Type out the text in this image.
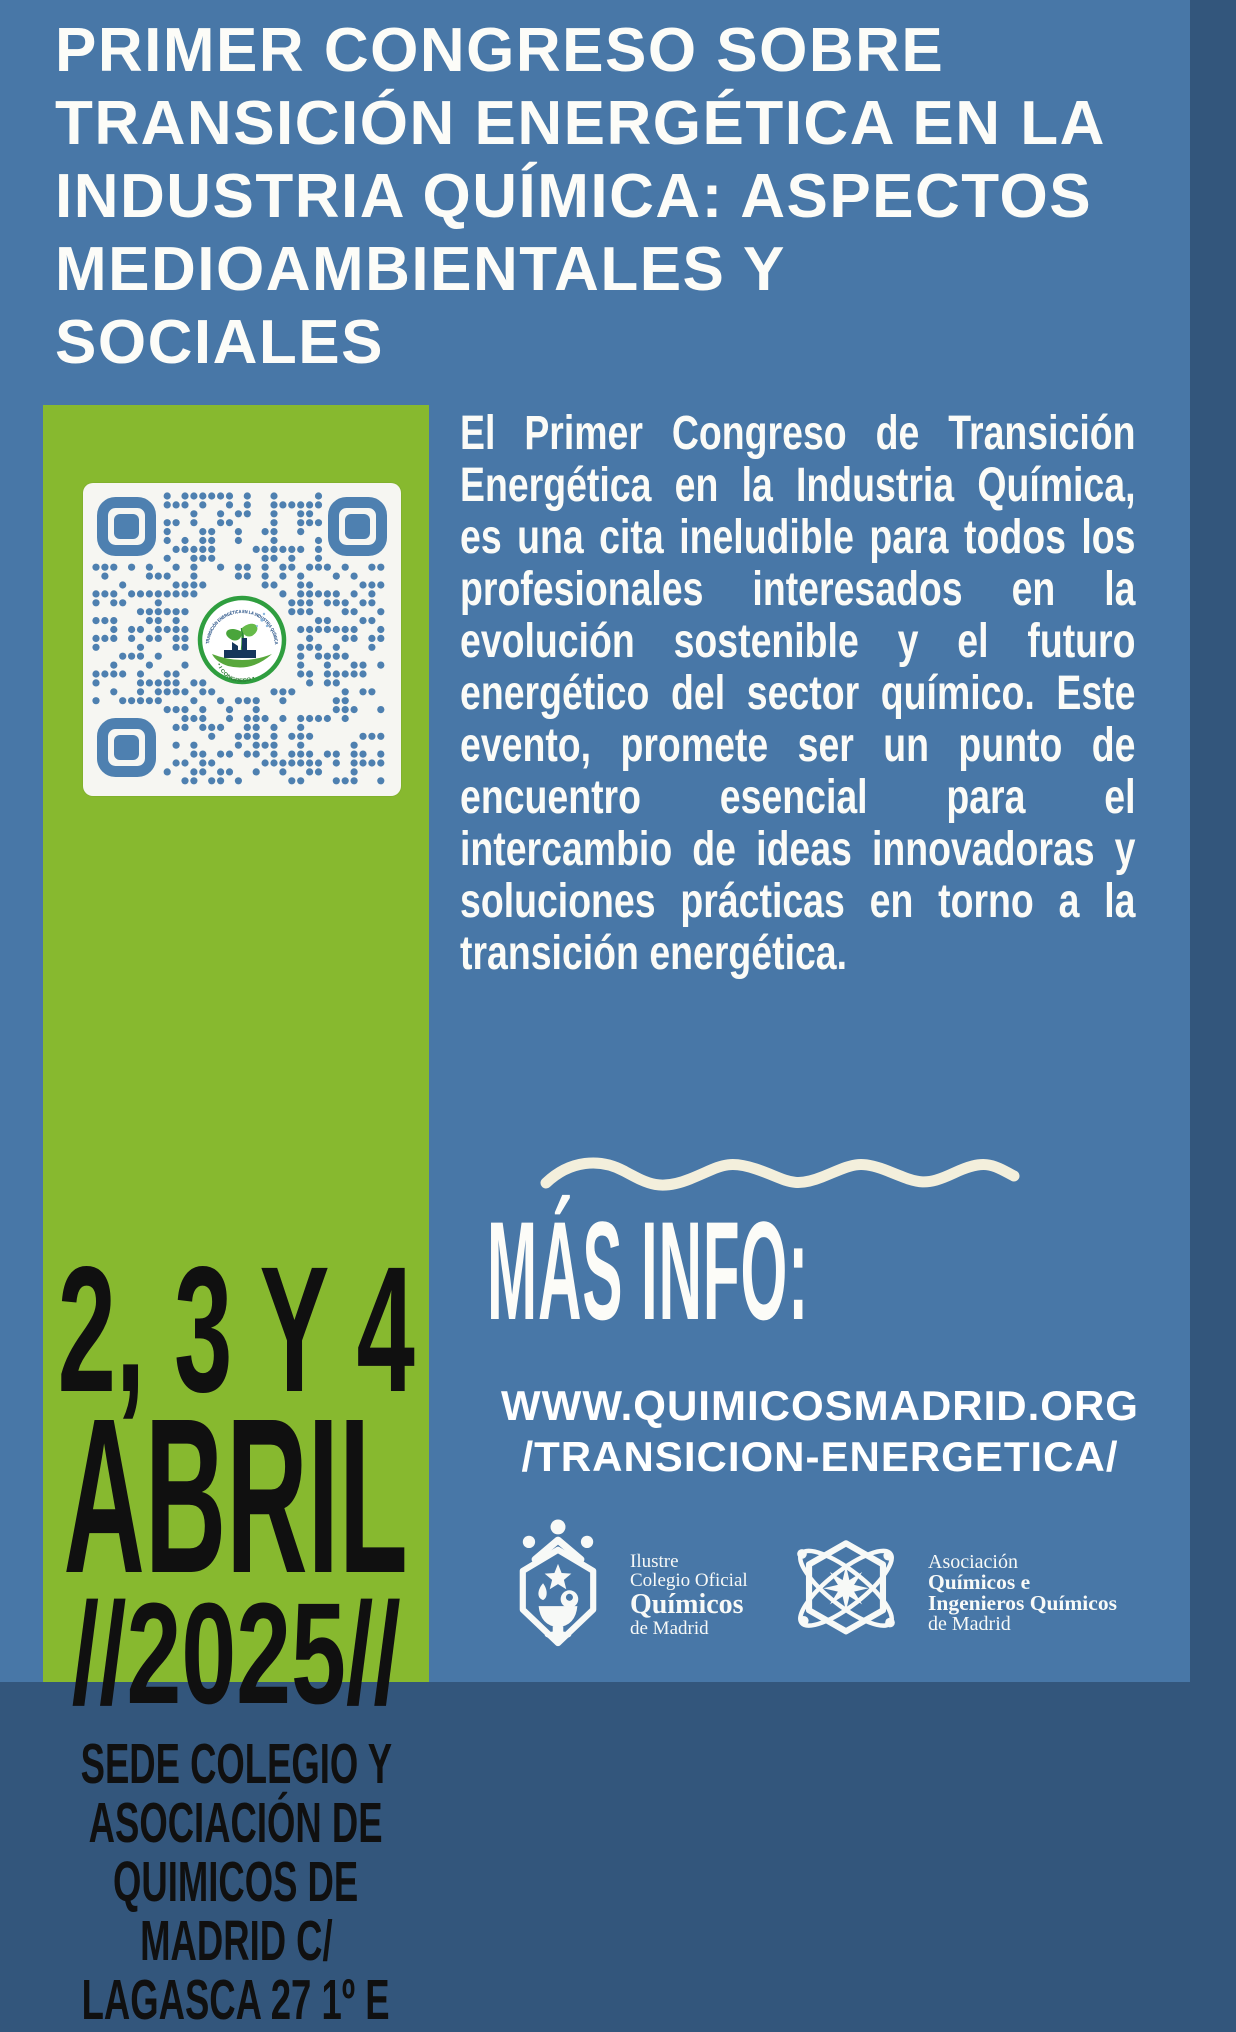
PRIMER CONGRESO SOBRE
TRANSICIÓN ENERGÉTICA EN LA
INDUSTRIA QUÍMICA: ASPECTOS
MEDIOAMBIENTALES Y
SOCIALES
TRANSICIÓN ENERGÉTICA EN LA INDUSTRIA QUÍMICA
• I CONGRESO •
2, 3 Y 4
ABRIL
//2025//
SEDE COLEGIO Y
ASOCIACIÓN DE
QUIMICOS DE
MADRID C/
LAGASCA 27 1º E

El Primer Congreso de Transición Energética en la Industria Química, es una cita ineludible para todos los profesionales interesados en la evolución sostenible y el futuro energético del sector químico. Este evento, promete ser un punto de encuentro esencial para el intercambio de ideas innovadoras y soluciones prácticas en torno a la transición energética.

MÁS INFO:
WWW.QUIMICOSMADRID.ORG
/TRANSICION-ENERGETICA/
Ilustre
Colegio Oficial
Químicos
de Madrid
Asociación
Químicos e
Ingenieros Químicos
de Madrid
